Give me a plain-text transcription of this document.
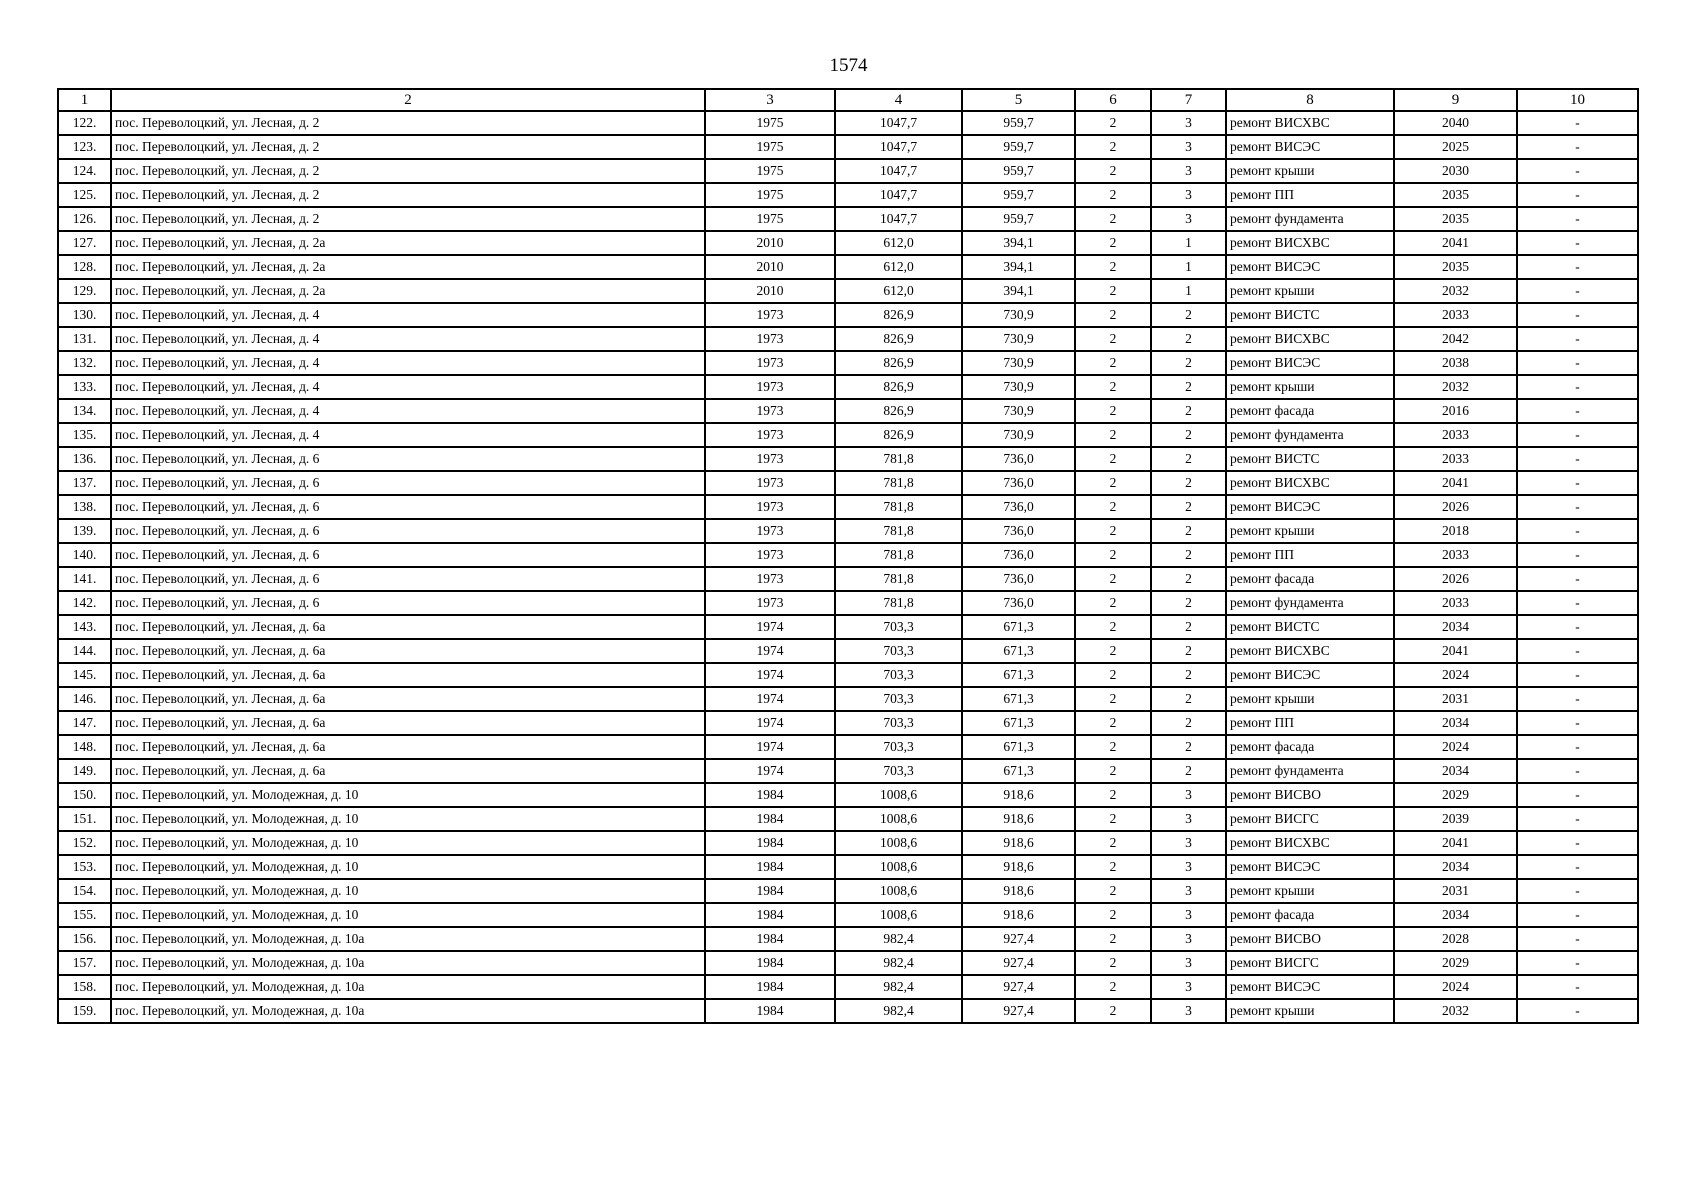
1574
1	2	3	4	5	6	7	8	9	10
122.	пос. Переволоцкий, ул. Лесная, д. 2	1975	1047,7	959,7	2	3	ремонт ВИСХВС	2040	-
123.	пос. Переволоцкий, ул. Лесная, д. 2	1975	1047,7	959,7	2	3	ремонт ВИСЭС	2025	-
124.	пос. Переволоцкий, ул. Лесная, д. 2	1975	1047,7	959,7	2	3	ремонт крыши	2030	-
125.	пос. Переволоцкий, ул. Лесная, д. 2	1975	1047,7	959,7	2	3	ремонт ПП	2035	-
126.	пос. Переволоцкий, ул. Лесная, д. 2	1975	1047,7	959,7	2	3	ремонт фундамента	2035	-
127.	пос. Переволоцкий, ул. Лесная, д. 2а	2010	612,0	394,1	2	1	ремонт ВИСХВС	2041	-
128.	пос. Переволоцкий, ул. Лесная, д. 2а	2010	612,0	394,1	2	1	ремонт ВИСЭС	2035	-
129.	пос. Переволоцкий, ул. Лесная, д. 2а	2010	612,0	394,1	2	1	ремонт крыши	2032	-
130.	пос. Переволоцкий, ул. Лесная, д. 4	1973	826,9	730,9	2	2	ремонт ВИСТС	2033	-
131.	пос. Переволоцкий, ул. Лесная, д. 4	1973	826,9	730,9	2	2	ремонт ВИСХВС	2042	-
132.	пос. Переволоцкий, ул. Лесная, д. 4	1973	826,9	730,9	2	2	ремонт ВИСЭС	2038	-
133.	пос. Переволоцкий, ул. Лесная, д. 4	1973	826,9	730,9	2	2	ремонт крыши	2032	-
134.	пос. Переволоцкий, ул. Лесная, д. 4	1973	826,9	730,9	2	2	ремонт фасада	2016	-
135.	пос. Переволоцкий, ул. Лесная, д. 4	1973	826,9	730,9	2	2	ремонт фундамента	2033	-
136.	пос. Переволоцкий, ул. Лесная, д. 6	1973	781,8	736,0	2	2	ремонт ВИСТС	2033	-
137.	пос. Переволоцкий, ул. Лесная, д. 6	1973	781,8	736,0	2	2	ремонт ВИСХВС	2041	-
138.	пос. Переволоцкий, ул. Лесная, д. 6	1973	781,8	736,0	2	2	ремонт ВИСЭС	2026	-
139.	пос. Переволоцкий, ул. Лесная, д. 6	1973	781,8	736,0	2	2	ремонт крыши	2018	-
140.	пос. Переволоцкий, ул. Лесная, д. 6	1973	781,8	736,0	2	2	ремонт ПП	2033	-
141.	пос. Переволоцкий, ул. Лесная, д. 6	1973	781,8	736,0	2	2	ремонт фасада	2026	-
142.	пос. Переволоцкий, ул. Лесная, д. 6	1973	781,8	736,0	2	2	ремонт фундамента	2033	-
143.	пос. Переволоцкий, ул. Лесная, д. 6а	1974	703,3	671,3	2	2	ремонт ВИСТС	2034	-
144.	пос. Переволоцкий, ул. Лесная, д. 6а	1974	703,3	671,3	2	2	ремонт ВИСХВС	2041	-
145.	пос. Переволоцкий, ул. Лесная, д. 6а	1974	703,3	671,3	2	2	ремонт ВИСЭС	2024	-
146.	пос. Переволоцкий, ул. Лесная, д. 6а	1974	703,3	671,3	2	2	ремонт крыши	2031	-
147.	пос. Переволоцкий, ул. Лесная, д. 6а	1974	703,3	671,3	2	2	ремонт ПП	2034	-
148.	пос. Переволоцкий, ул. Лесная, д. 6а	1974	703,3	671,3	2	2	ремонт фасада	2024	-
149.	пос. Переволоцкий, ул. Лесная, д. 6а	1974	703,3	671,3	2	2	ремонт фундамента	2034	-
150.	пос. Переволоцкий, ул. Молодежная, д. 10	1984	1008,6	918,6	2	3	ремонт ВИСВО	2029	-
151.	пос. Переволоцкий, ул. Молодежная, д. 10	1984	1008,6	918,6	2	3	ремонт ВИСГС	2039	-
152.	пос. Переволоцкий, ул. Молодежная, д. 10	1984	1008,6	918,6	2	3	ремонт ВИСХВС	2041	-
153.	пос. Переволоцкий, ул. Молодежная, д. 10	1984	1008,6	918,6	2	3	ремонт ВИСЭС	2034	-
154.	пос. Переволоцкий, ул. Молодежная, д. 10	1984	1008,6	918,6	2	3	ремонт крыши	2031	-
155.	пос. Переволоцкий, ул. Молодежная, д. 10	1984	1008,6	918,6	2	3	ремонт фасада	2034	-
156.	пос. Переволоцкий, ул. Молодежная, д. 10а	1984	982,4	927,4	2	3	ремонт ВИСВО	2028	-
157.	пос. Переволоцкий, ул. Молодежная, д. 10а	1984	982,4	927,4	2	3	ремонт ВИСГС	2029	-
158.	пос. Переволоцкий, ул. Молодежная, д. 10а	1984	982,4	927,4	2	3	ремонт ВИСЭС	2024	-
159.	пос. Переволоцкий, ул. Молодежная, д. 10а	1984	982,4	927,4	2	3	ремонт крыши	2032	-
